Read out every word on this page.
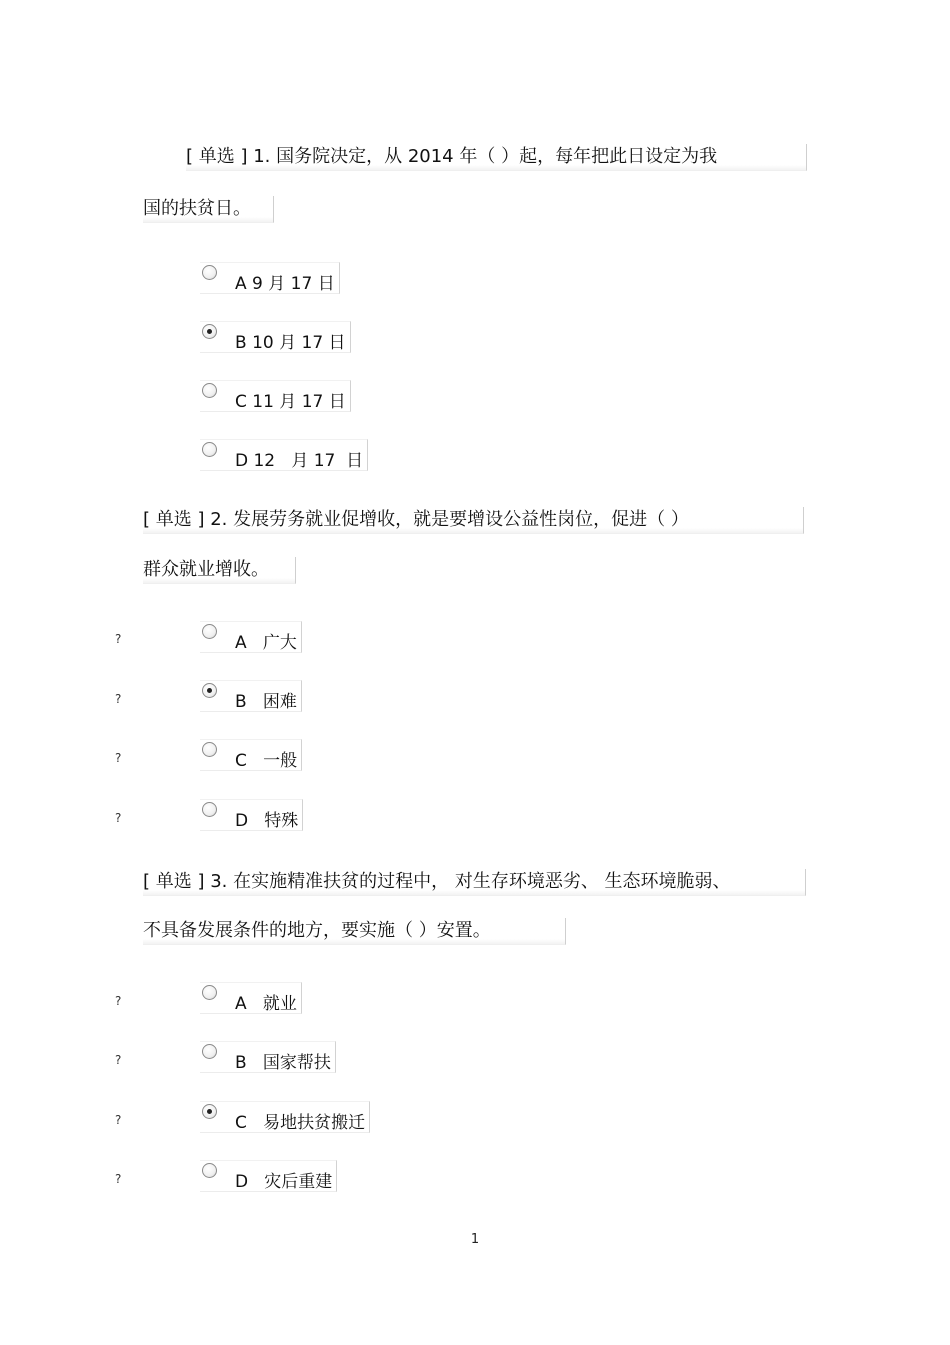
[ 单选 ] 1. 国务院决定，从 2014 年（ ）起，每年把此日设定为我
国的扶贫日。
A 9 月 17 日
B 10 月 17 日
C 11 月 17 日
D 12   月 17  日
[ 单选 ] 2. 发展劳务就业促增收，就是要增设公益性岗位，促进（ ）
群众就业增收。
?	A   广大
?	B   困难
?	C   一般
?	D   特殊
[ 单选 ] 3. 在实施精准扶贫的过程中， 对生存环境恶劣、 生态环境脆弱、
不具备发展条件的地方，要实施（ ）安置。
?	A   就业
?	B   国家帮扶
?	C   易地扶贫搬迁
?	D   灾后重建
1
